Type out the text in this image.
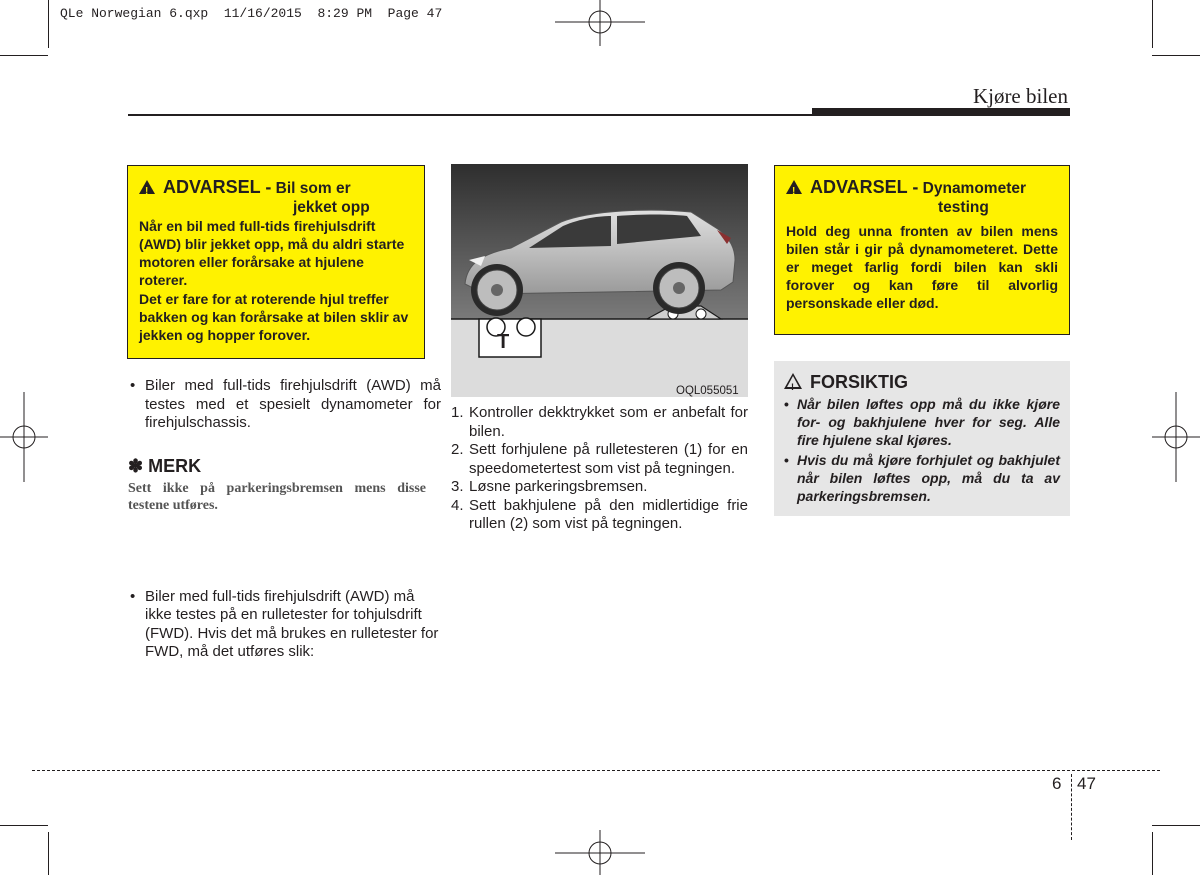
QLe Norwegian 6.qxp  11/16/2015  8:29 PM  Page 47
Kjøre bilen
!ADVARSEL - Bil som er
jekket opp
Når en bil med full-tids firehjulsdrift (AWD) blir jekket opp, må du aldri starte motoren eller forårsake at hjulene roterer.
Det er fare for at roterende hjul treffer bakken og kan forårsake at bilen sklir av jekken og hopper forover.
• Biler med full-tids firehjulsdrift (AWD) må testes med et spesielt dynamometer for firehjulschassis.
✽ MERK
Sett ikke på parkeringsbremsen mens disse testene utføres.
• Biler med full-tids firehjulsdrift (AWD) må ikke testes på en rulletester for tohjulsdrift (FWD). Hvis det må brukes en rulletester for FWD, må det utføres slik:
T
OQL055051
1. Kontroller dekktrykket som er anbefalt for bilen.
2. Sett forhjulene på rulletesteren (1) for en speedometertest som vist på tegningen.
3. Løsne parkeringsbremsen.
4. Sett bakhjulene på den midlertidige frie rullen (2) som vist på tegningen.
!ADVARSEL - Dynamometer
testing
Hold deg unna fronten av bilen mens bilen står i gir på dynamometeret. Dette er meget farlig fordi bilen kan skli forover og kan føre til alvorlig personskade eller død.
!FORSIKTIG
• Når bilen løftes opp må du ikke kjøre for- og bakhjulene hver for seg. Alle fire hjulene skal kjøres.
• Hvis du må kjøre forhjulet og bakhjulet når bilen løftes opp, må du ta av parkeringsbremsen.
6 47
